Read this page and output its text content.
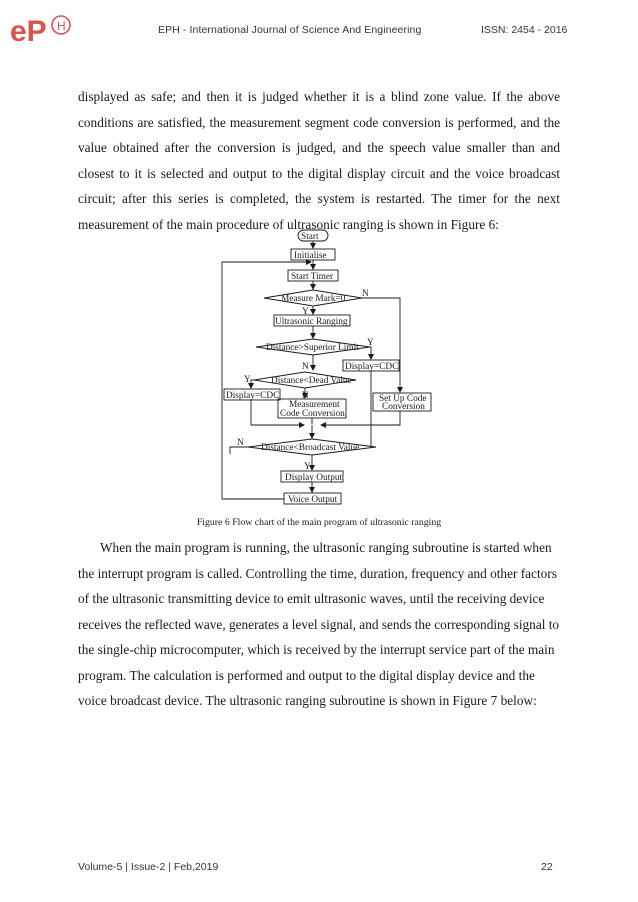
eP H	EPH - International Journal of Science And Engineering	ISSN: 2454 - 2016

displayed as safe; and then it is judged whether it is a blind zone value. If the above conditions are satisfied, the measurement segment code conversion is performed, and the value obtained after the conversion is judged, and the speech value smaller than and closest to it is selected and output to the digital display circuit and the voice broadcast circuit; after this series is completed, the system is restarted. The timer for the next measurement of the main procedure of ultrasonic ranging is shown in Figure 6:

Start
Initialise
Start Timer
Measure Mark=0
Ultrasonic Ranging
Distance>Superior Limit
Display=CDC
Distance<Dead Value
Display=CDC
Measurement
Code Conversion
Set Up Code
Conversion
Distance<Broadcast Value
Display Output
Voice Output
N
Y
Y
N
Y
N
N
Y
Figure 6 Flow chart of the main program of ultrasonic ranging

When the main program is running, the ultrasonic ranging subroutine is started when the interrupt program is called. Controlling the time, duration, frequency and other factors of the ultrasonic transmitting device to emit ultrasonic waves, until the receiving device receives the reflected wave, generates a level signal, and sends the corresponding signal to the single-chip microcomputer, which is received by the interrupt service part of the main program. The calculation is performed and output to the digital display device and the voice broadcast device. The ultrasonic ranging subroutine is shown in Figure 7 below:

Volume-5 | Issue-2 | Feb,2019	22
